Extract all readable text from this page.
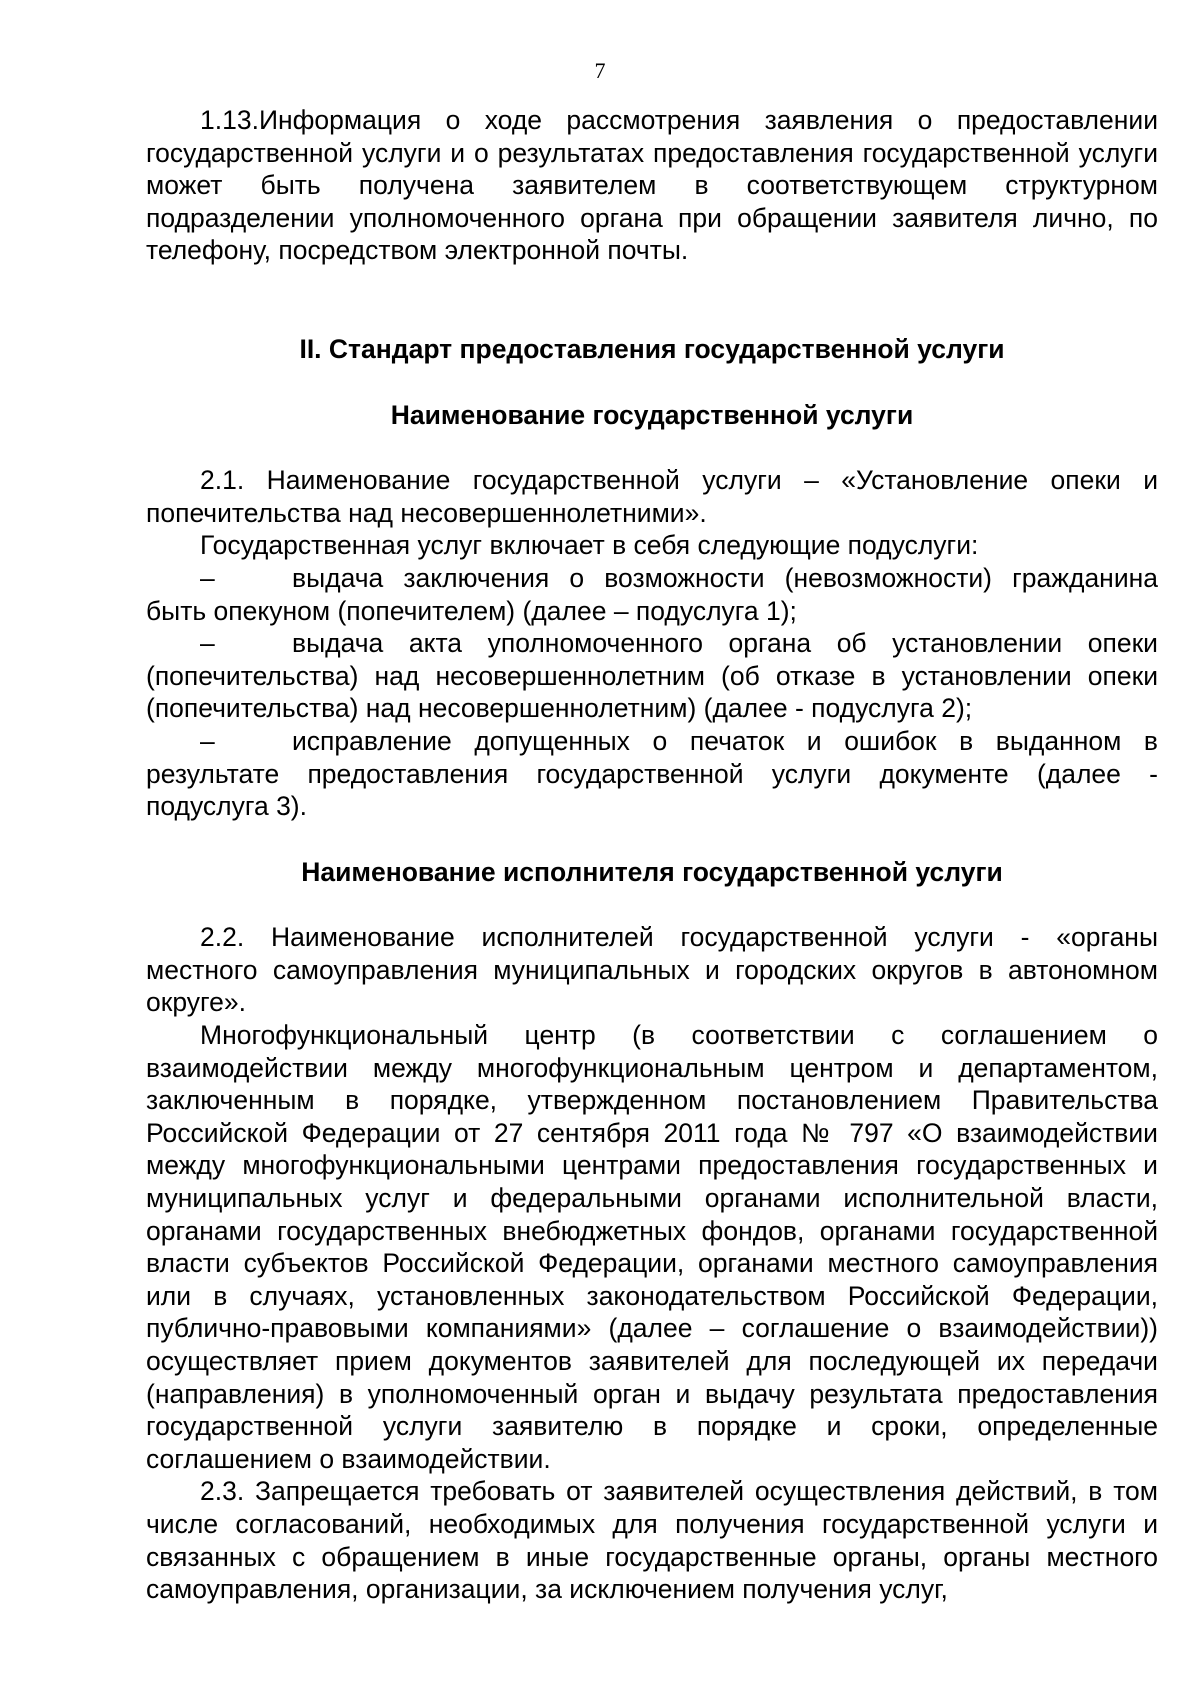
7

1.13.Информация о ходе рассмотрения заявления о предоставлении государственной услуги и о результатах предоставления государственной услуги может быть получена заявителем в соответствующем структурном подразделении уполномоченного органа при обращении заявителя лично, по телефону, посредством электронной почты.

II. Стандарт предоставления государственной услуги

Наименование государственной услуги

2.1. Наименование государственной услуги – «Установление опеки и попечительства над несовершеннолетними».

Государственная услуг включает в себя следующие подуслуги:

–	выдача заключения о возможности (невозможности) гражданина быть опекуном (попечителем) (далее – подуслуга 1);

–	выдача акта уполномоченного органа об установлении опеки (попечительства) над несовершеннолетним (об отказе в установлении опеки (попечительства) над несовершеннолетним) (далее - подуслуга 2);

–	исправление допущенных о печаток и ошибок в выданном в результате предоставления государственной услуги документе (далее - подуслуга 3).

Наименование исполнителя государственной услуги

2.2. Наименование исполнителей государственной услуги - «органы местного самоуправления муниципальных и городских округов в автономном округе».

Многофункциональный центр (в соответствии с соглашением о взаимодействии между многофункциональным центром и департаментом, заключенным в порядке, утвержденном постановлением Правительства Российской Федерации от 27 сентября 2011 года № 797 «О взаимодействии между многофункциональными центрами предоставления государственных и муниципальных услуг и федеральными органами исполнительной власти, органами государственных внебюджетных фондов, органами государственной власти субъектов Российской Федерации, органами местного самоуправления или в случаях, установленных законодательством Российской Федерации, публично-правовыми компаниями» (далее – соглашение о взаимодействии)) осуществляет прием документов заявителей для последующей их передачи (направления) в уполномоченный орган и выдачу результата предоставления государственной услуги заявителю в порядке и сроки, определенные соглашением о взаимодействии.

2.3. Запрещается требовать от заявителей осуществления действий, в том числе согласований, необходимых для получения государственной услуги и связанных с обращением в иные государственные органы, органы местного самоуправления, организации, за исключением получения услуг,
